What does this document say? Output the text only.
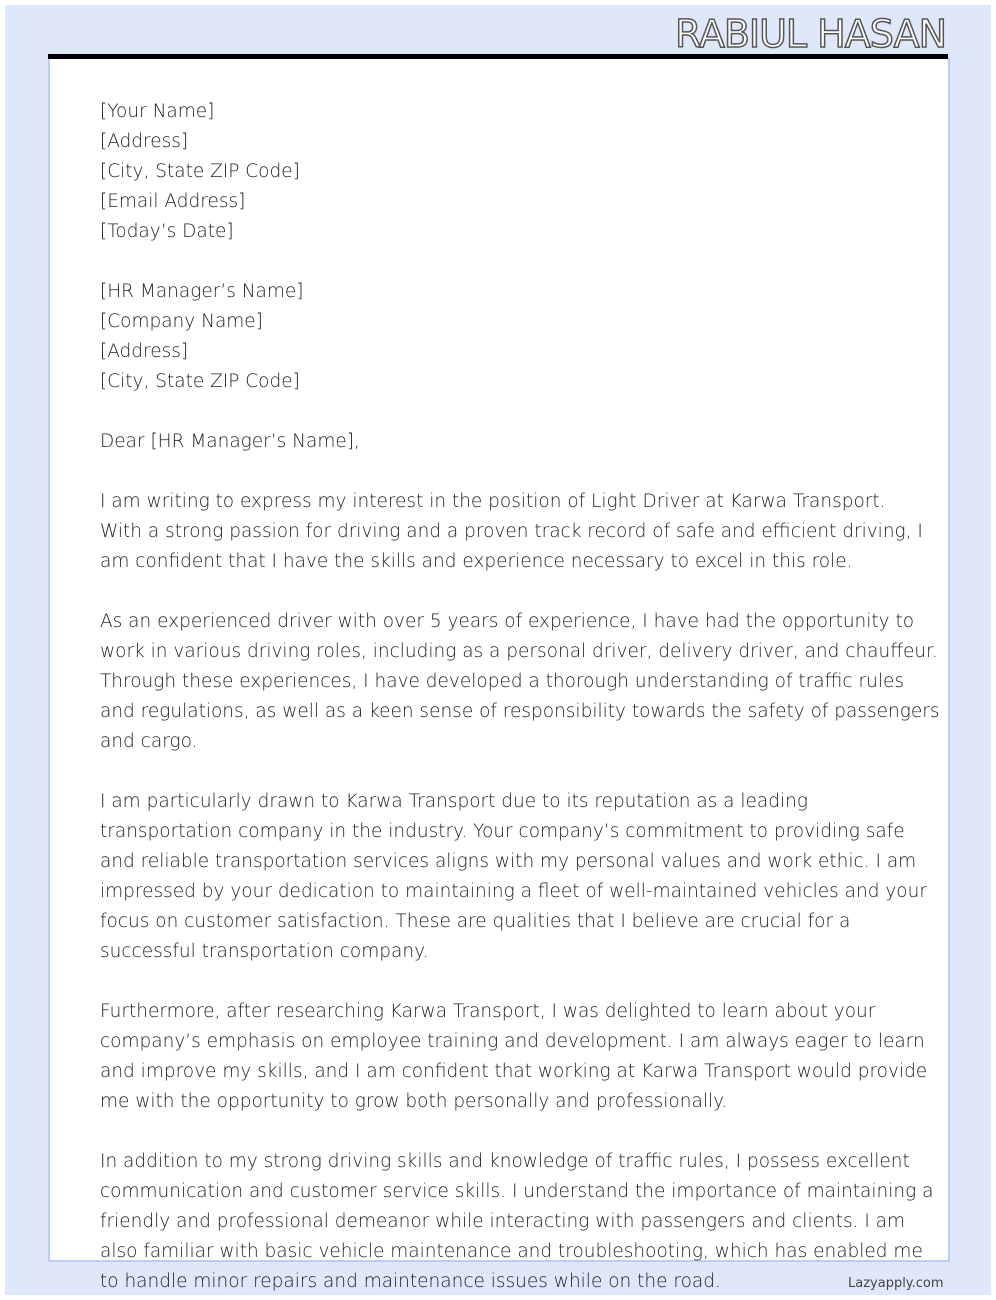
RABIUL HASAN
[Your Name]
[Address]
[City, State ZIP Code]
[Email Address]
[Today’s Date]
[HR Manager’s Name]
[Company Name]
[Address]
[City, State ZIP Code]
Dear [HR Manager’s Name],
I am writing to express my interest in the position of Light Driver at Karwa Transport.
With a strong passion for driving and a proven track record of safe and efficient driving, I
am confident that I have the skills and experience necessary to excel in this role.
As an experienced driver with over 5 years of experience, I have had the opportunity to
work in various driving roles, including as a personal driver, delivery driver, and chauffeur.
Through these experiences, I have developed a thorough understanding of traffic rules
and regulations, as well as a keen sense of responsibility towards the safety of passengers
and cargo.
I am particularly drawn to Karwa Transport due to its reputation as a leading
transportation company in the industry. Your company’s commitment to providing safe
and reliable transportation services aligns with my personal values and work ethic. I am
impressed by your dedication to maintaining a fleet of well-maintained vehicles and your
focus on customer satisfaction. These are qualities that I believe are crucial for a
successful transportation company.
Furthermore, after researching Karwa Transport, I was delighted to learn about your
company’s emphasis on employee training and development. I am always eager to learn
and improve my skills, and I am confident that working at Karwa Transport would provide
me with the opportunity to grow both personally and professionally.
In addition to my strong driving skills and knowledge of traffic rules, I possess excellent
communication and customer service skills. I understand the importance of maintaining a
friendly and professional demeanor while interacting with passengers and clients. I am
also familiar with basic vehicle maintenance and troubleshooting, which has enabled me
to handle minor repairs and maintenance issues while on the road.	Lazyapply.com
